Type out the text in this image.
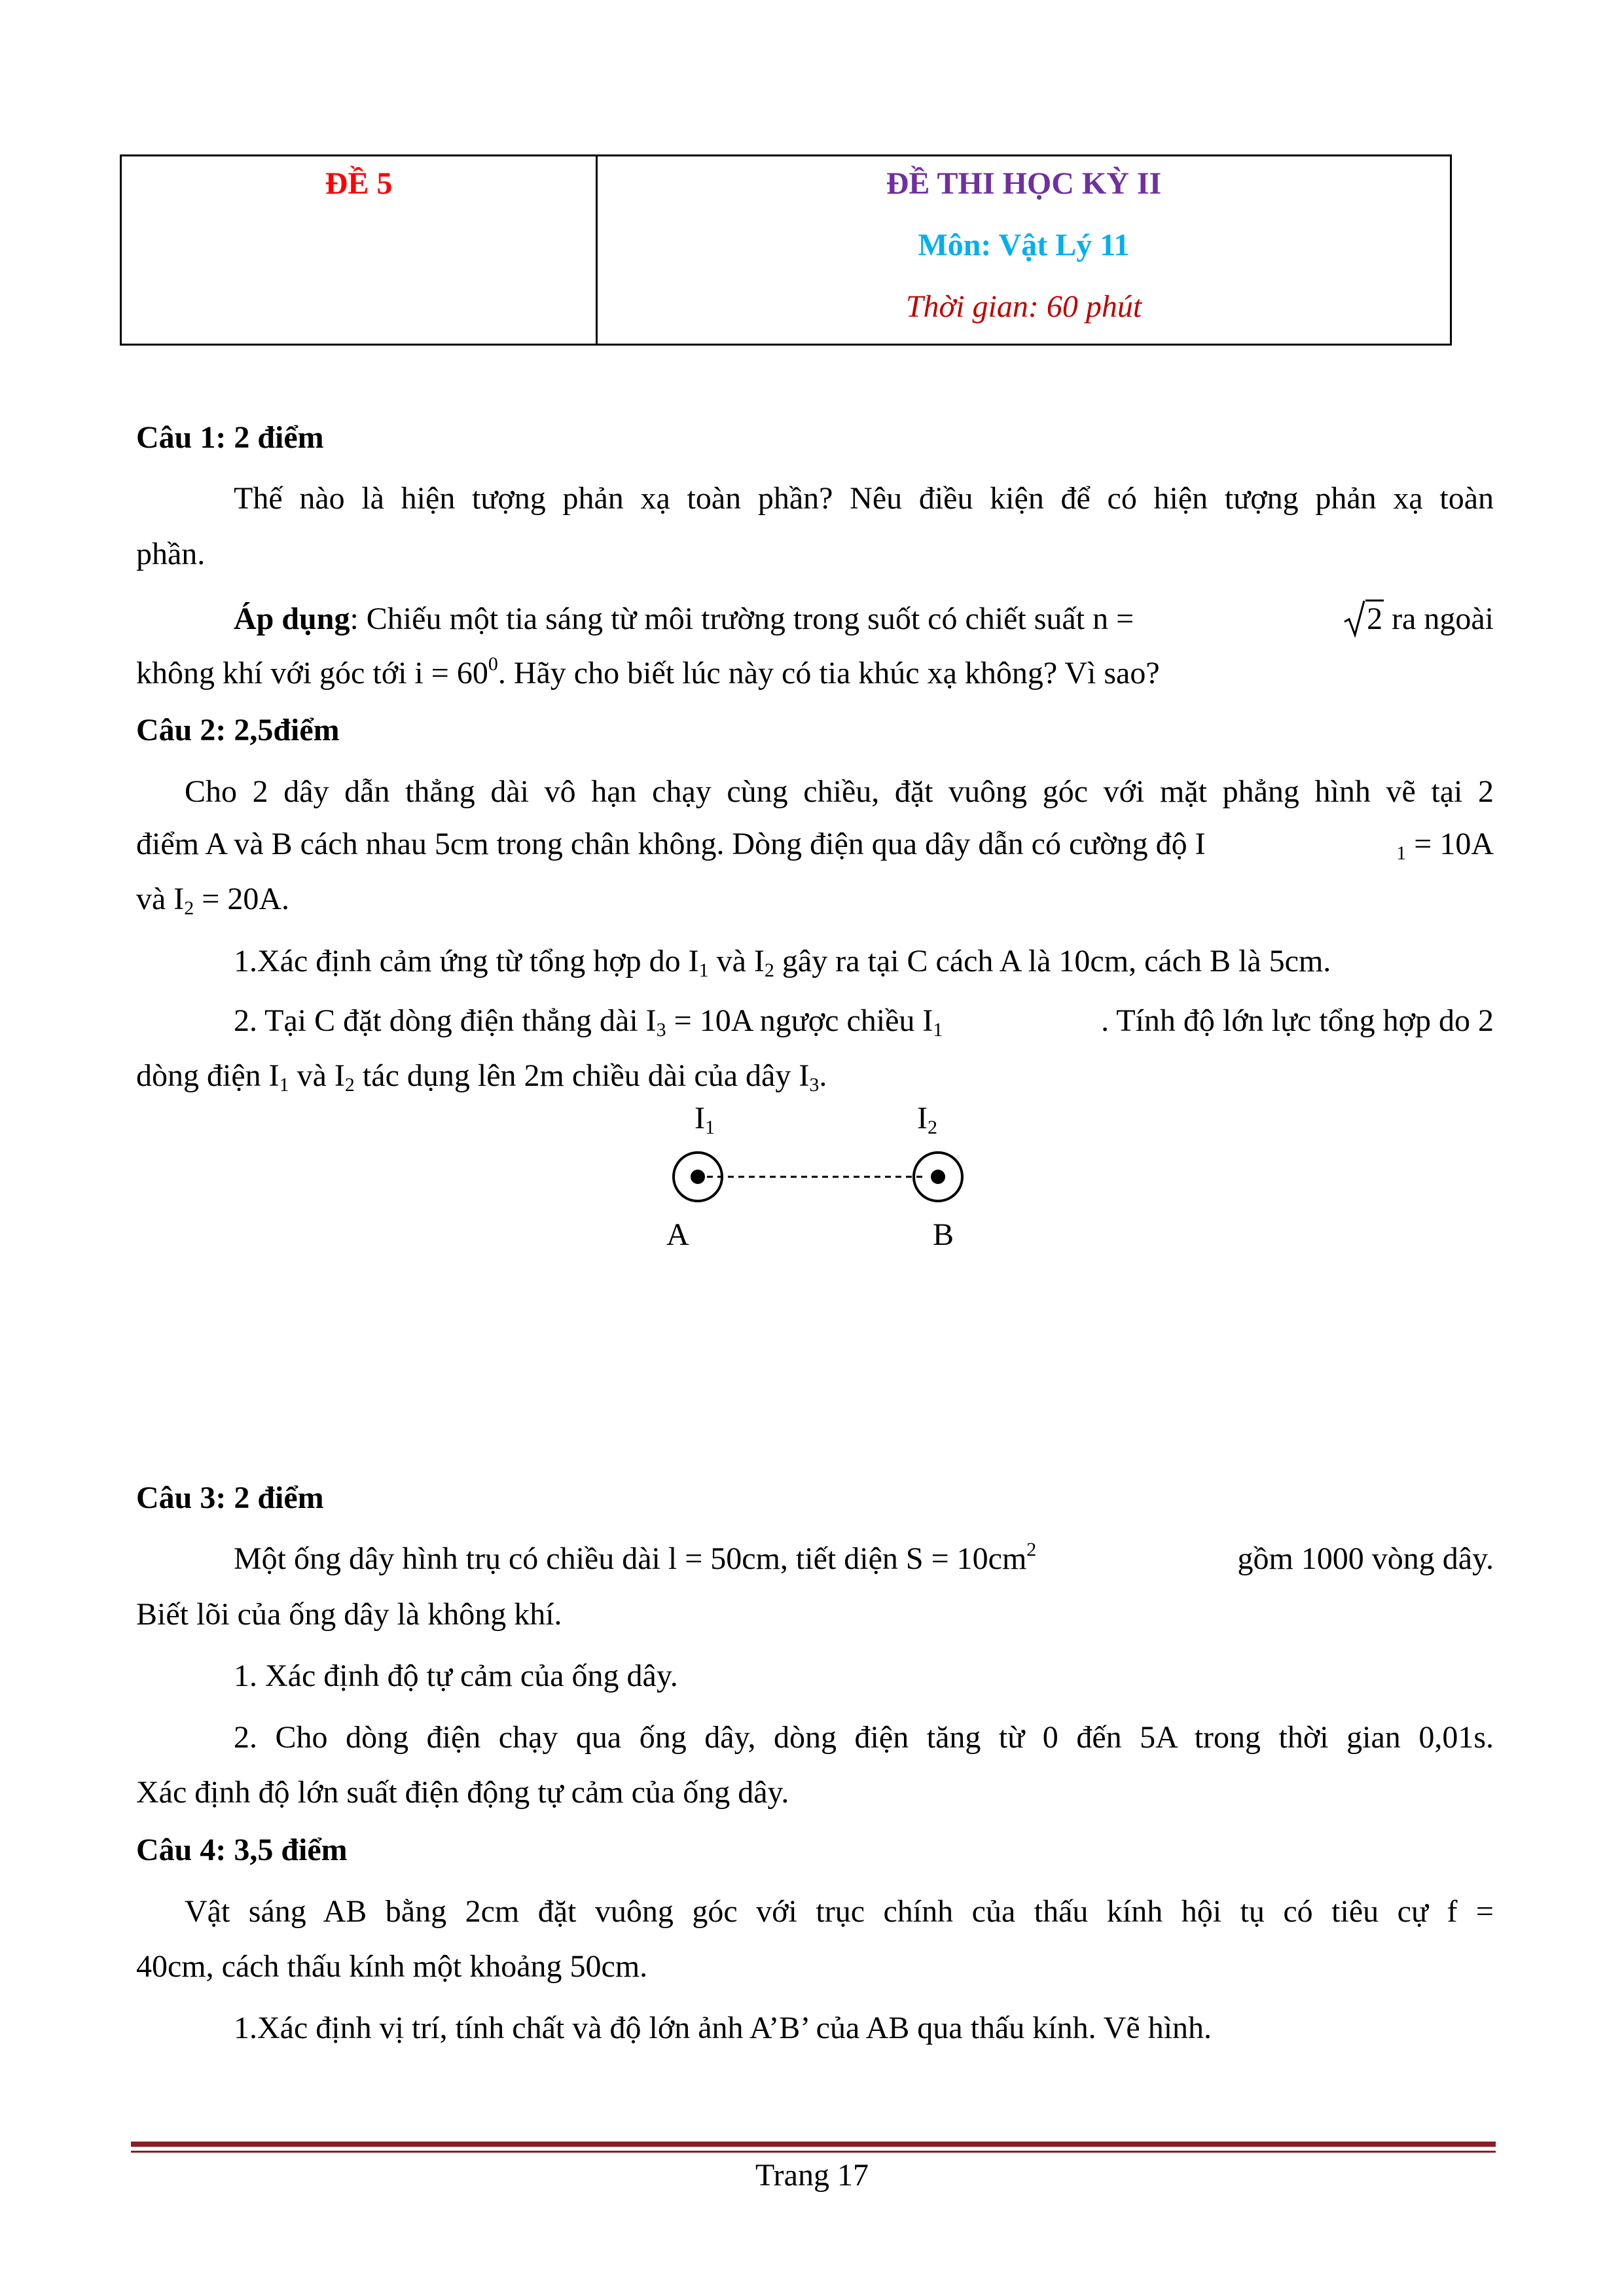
ĐỀ 5	ĐỀ THI HỌC KỲ II
Môn: Vật Lý 11
Thời gian: 60 phút
Câu 1: 2 điểm
Thế nào là hiện tượng phản xạ toàn phần? Nêu điều kiện để có hiện tượng phản xạ toàn
phần.
Áp dụng: Chiếu một tia sáng từ môi trường trong suốt có chiết suất n =	2 ra ngoài
không khí với góc tới $i = 60^0$. Hãy cho biết lúc này có tia khúc xạ không? Vì sao?
Câu 2: 2,5điểm
Cho 2 dây dẫn thẳng dài vô hạn chạy cùng chiều, đặt vuông góc với mặt phẳng hình vẽ tại 2
điểm A và B cách nhau 5cm trong chân không. Dòng điện qua dây dẫn có cường độ I	$_1$ = 10A
và $I_2 = 20A$.
1.Xác định cảm ứng từ tổng hợp do $I_1$ và $I_2$ gây ra tại C cách A là 10cm, cách B là 5cm.
2. Tại C đặt dòng điện thẳng dài $I_3 = 10A$ ngược chiều $I_1$	. Tính độ lớn lực tổng hợp do 2
dòng điện $I_1$ và $I_2$ tác dụng lên 2m chiều dài của dây $I_3$.
$I_1$	$I_2$
A	B
Câu 3: 2 điểm
Một ống dây hình trụ có chiều dài l = 50cm, tiết diện $S = 10cm^2$	gồm 1000 vòng dây.
Biết lõi của ống dây là không khí.
1. Xác định độ tự cảm của ống dây.
2. Cho dòng điện chạy qua ống dây, dòng điện tăng từ 0 đến 5A trong thời gian 0,01s.
Xác định độ lớn suất điện động tự cảm của ống dây.
Câu 4: 3,5 điểm
Vật sáng AB bằng 2cm đặt vuông góc với trục chính của thấu kính hội tụ có tiêu cự f =
40cm, cách thấu kính một khoảng 50cm.
1.Xác định vị trí, tính chất và độ lớn ảnh A’B’ của AB qua thấu kính. Vẽ hình.
Trang 17
